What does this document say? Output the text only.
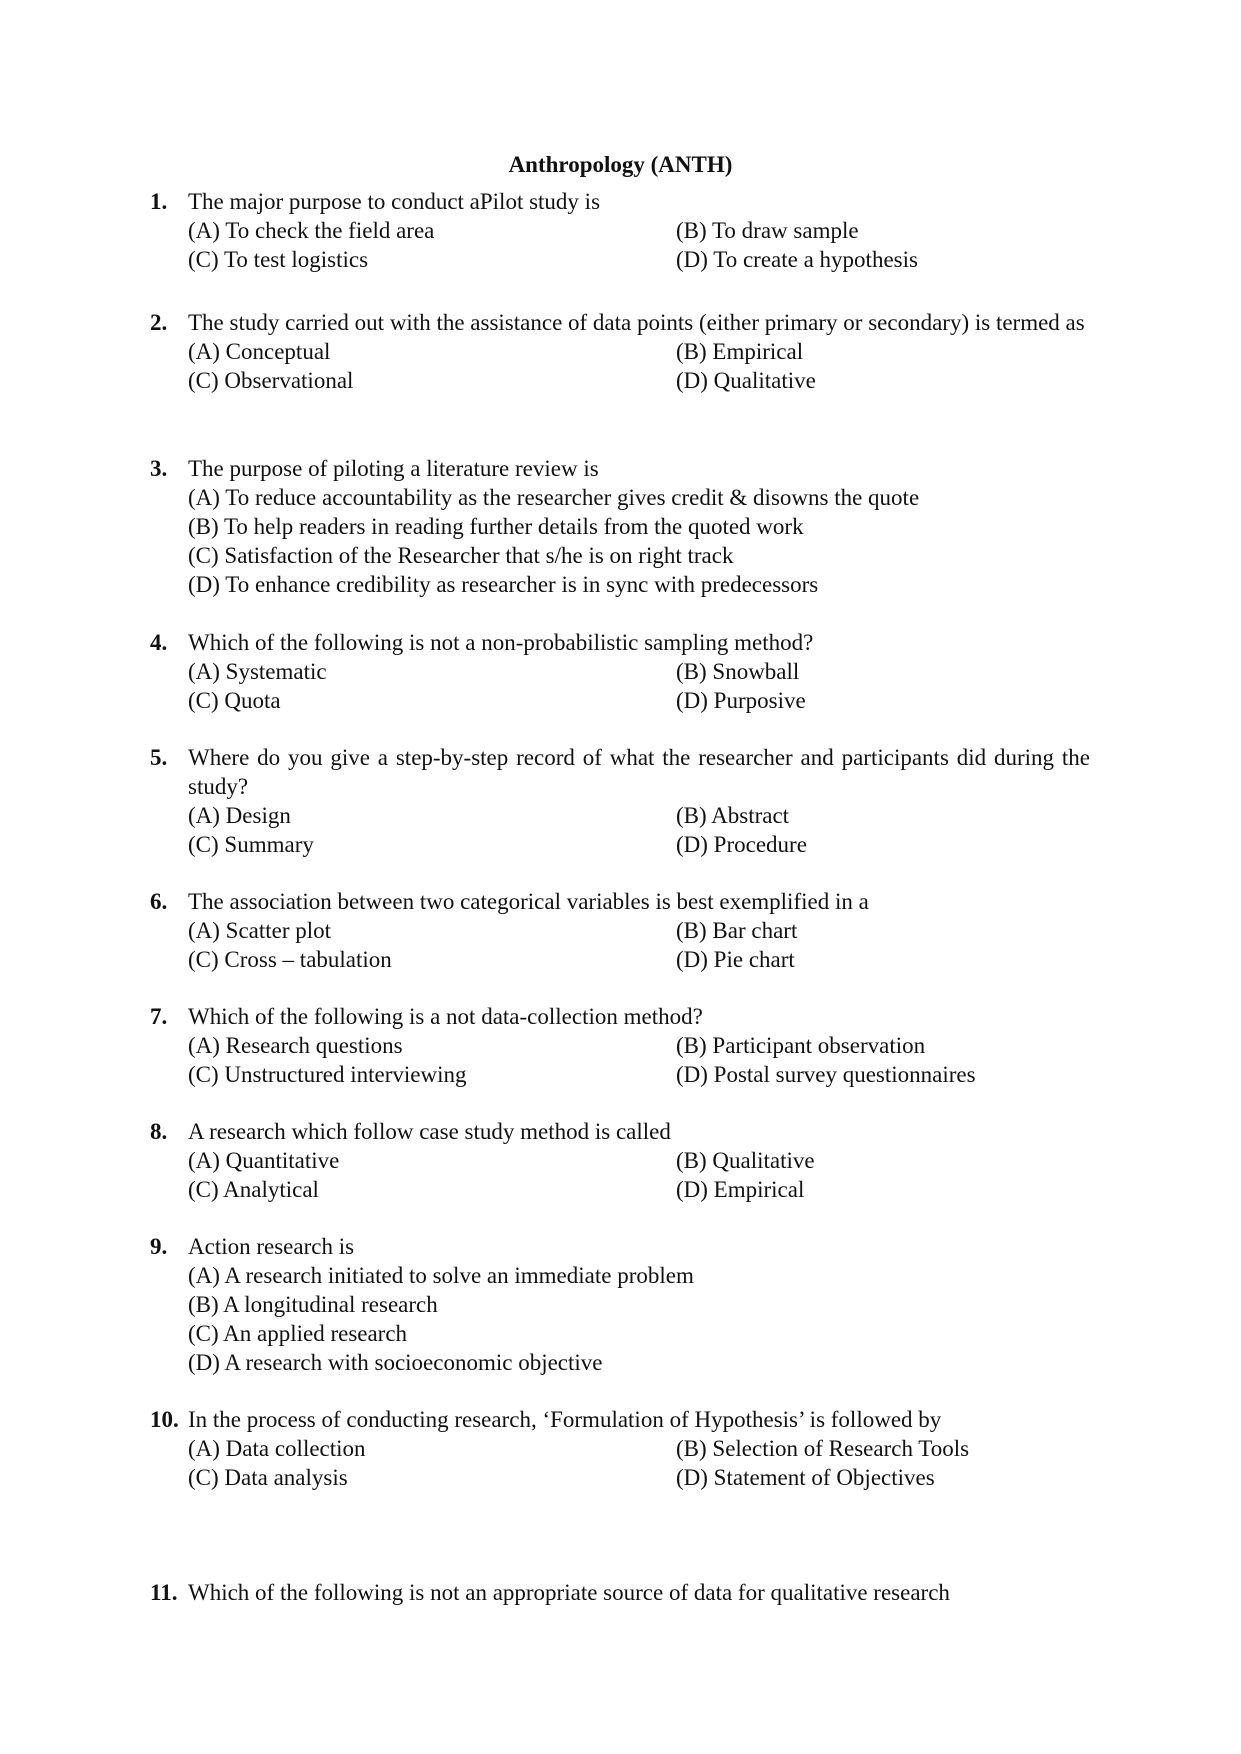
Anthropology (ANTH)
1. The major purpose to conduct aPilot study is
(A) To check the field area	(B) To draw sample
(C) To test logistics	(D) To create a hypothesis
2. The study carried out with the assistance of data points (either primary or secondary) is termed as
(A) Conceptual	(B) Empirical
(C) Observational	(D) Qualitative
3. The purpose of piloting a literature review is
(A) To reduce accountability as the researcher gives credit & disowns the quote
(B) To help readers in reading further details from the quoted work
(C) Satisfaction of the Researcher that s/he is on right track
(D) To enhance credibility as researcher is in sync with predecessors
4. Which of the following is not a non-probabilistic sampling method?
(A) Systematic	(B) Snowball
(C) Quota	(D) Purposive
5. Where do you give a step-by-step record of what the researcher and participants did during the study?
(A) Design	(B) Abstract
(C) Summary	(D) Procedure
6. The association between two categorical variables is best exemplified in a
(A) Scatter plot	(B) Bar chart
(C) Cross – tabulation	(D) Pie chart
7. Which of the following is a not data-collection method?
(A) Research questions	(B) Participant observation
(C) Unstructured interviewing	(D) Postal survey questionnaires
8. A research which follow case study method is called
(A) Quantitative	(B) Qualitative
(C) Analytical	(D) Empirical
9. Action research is
(A) A research initiated to solve an immediate problem
(B) A longitudinal research
(C) An applied research
(D) A research with socioeconomic objective
10. In the process of conducting research, ‘Formulation of Hypothesis’ is followed by
(A) Data collection	(B) Selection of Research Tools
(C) Data analysis	(D) Statement of Objectives
11. Which of the following is not an appropriate source of data for qualitative research
